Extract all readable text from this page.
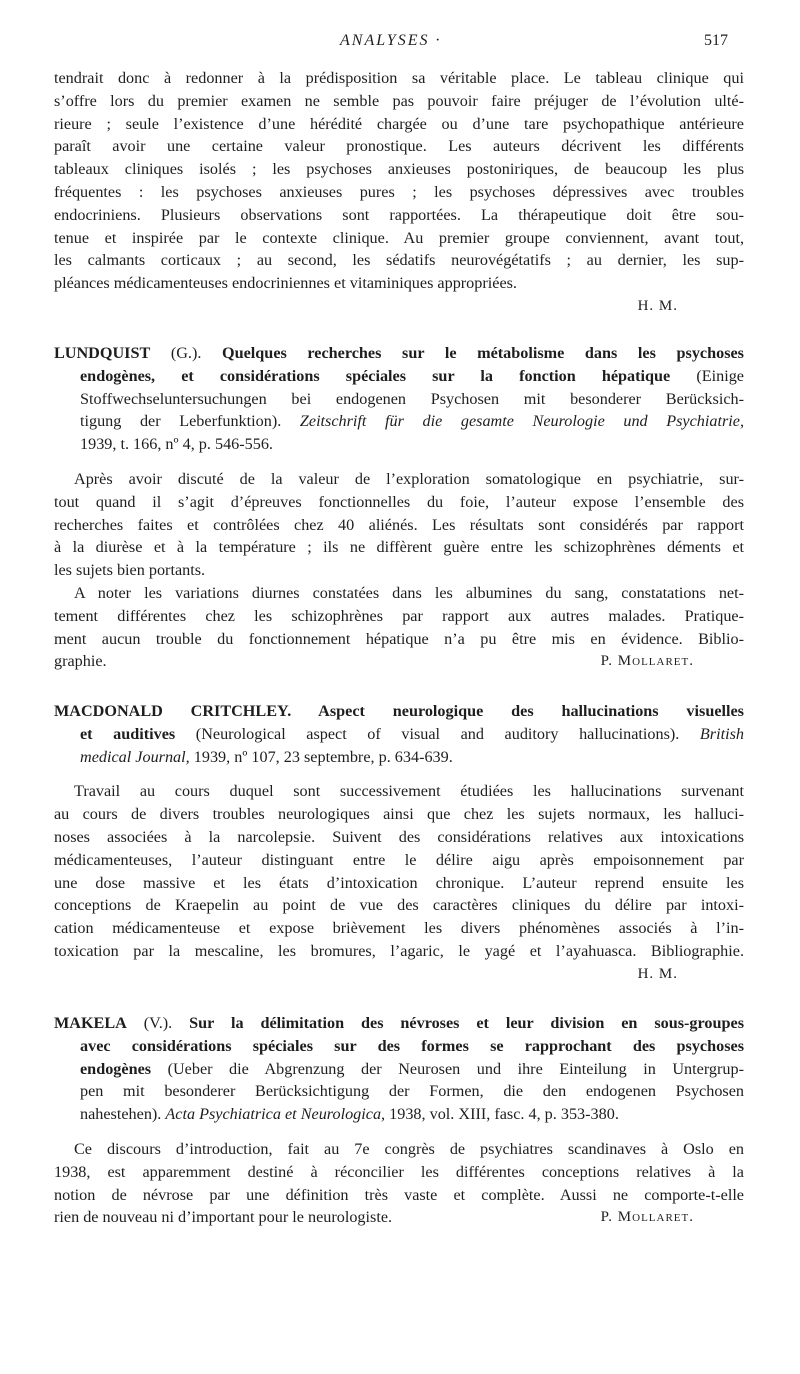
ANALYSES ·	517
tendrait donc à redonner à la prédisposition sa véritable place. Le tableau clinique qui
s’offre lors du premier examen ne semble pas pouvoir faire préjuger de l’évolution ulté-
rieure ; seule l’existence d’une hérédité chargée ou d’une tare psychopathique antérieure
paraît avoir une certaine valeur pronostique. Les auteurs décrivent les différents
tableaux cliniques isolés ; les psychoses anxieuses postoniriques, de beaucoup les plus
fréquentes : les psychoses anxieuses pures ; les psychoses dépressives avec troubles
endocriniens. Plusieurs observations sont rapportées. La thérapeutique doit être sou-
tenue et inspirée par le contexte clinique. Au premier groupe conviennent, avant tout,
les calmants corticaux ; au second, les sédatifs neurovégétatifs ; au dernier, les sup-
pléances médicamenteuses endocriniennes et vitaminiques appropriées.
H. M.
LUNDQUIST (G.). Quelques recherches sur le métabolisme dans les psychoses
endogènes, et considérations spéciales sur la fonction hépatique (Einige
Stoffwechseluntersuchungen bei endogenen Psychosen mit besonderer Berücksich-
tigung der Leberfunktion). Zeitschrift für die gesamte Neurologie und Psychiatrie,
1939, t. 166, nº 4, p. 546-556.
Après avoir discuté de la valeur de l’exploration somatologique en psychiatrie, sur-
tout quand il s’agit d’épreuves fonctionnelles du foie, l’auteur expose l’ensemble des
recherches faites et contrôlées chez 40 aliénés. Les résultats sont considérés par rapport
à la diurèse et à la température ; ils ne diffèrent guère entre les schizophrènes déments et
les sujets bien portants.
A noter les variations diurnes constatées dans les albumines du sang, constatations net-
tement différentes chez les schizophrènes par rapport aux autres malades. Pratique-
ment aucun trouble du fonctionnement hépatique n’a pu être mis en évidence. Biblio-
graphie.	P. Mollaret.
MACDONALD CRITCHLEY. Aspect neurologique des hallucinations visuelles
et auditives (Neurological aspect of visual and auditory hallucinations). British
medical Journal, 1939, nº 107, 23 septembre, p. 634-639.
Travail au cours duquel sont successivement étudiées les hallucinations survenant
au cours de divers troubles neurologiques ainsi que chez les sujets normaux, les halluci-
noses associées à la narcolepsie. Suivent des considérations relatives aux intoxications
médicamenteuses, l’auteur distinguant entre le délire aigu après empoisonnement par
une dose massive et les états d’intoxication chronique. L’auteur reprend ensuite les
conceptions de Kraepelin au point de vue des caractères cliniques du délire par intoxi-
cation médicamenteuse et expose brièvement les divers phénomènes associés à l’in-
toxication par la mescaline, les bromures, l’agaric, le yagé et l’ayahuasca. Bibliographie.
H. M.
MAKELA (V.). Sur la délimitation des névroses et leur division en sous-groupes
avec considérations spéciales sur des formes se rapprochant des psychoses
endogènes (Ueber die Abgrenzung der Neurosen und ihre Einteilung in Untergrup-
pen mit besonderer Berücksichtigung der Formen, die den endogenen Psychosen
nahestehen). Acta Psychiatrica et Neurologica, 1938, vol. XIII, fasc. 4, p. 353-380.
Ce discours d’introduction, fait au 7e congrès de psychiatres scandinaves à Oslo en
1938, est apparemment destiné à réconcilier les différentes conceptions relatives à la
notion de névrose par une définition très vaste et complète. Aussi ne comporte-t-elle
rien de nouveau ni d’important pour le neurologiste.	P. Mollaret.
